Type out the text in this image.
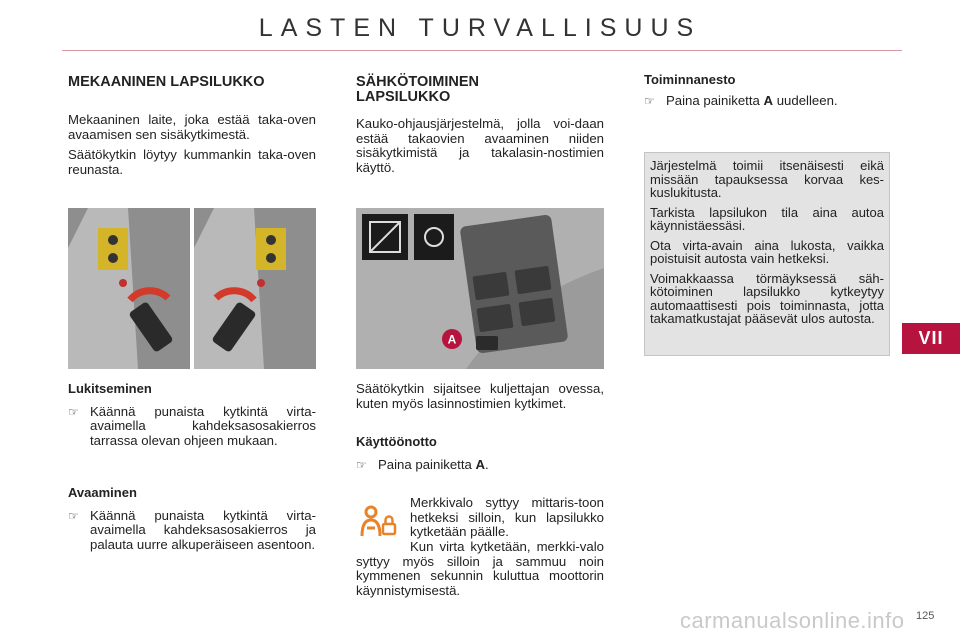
LASTEN TURVALLISUUS
MEKAANINEN LAPSILUKKO

Mekaaninen laite, joka estää taka-oven avaamisen sen sisäkytkimestä.

Säätökytkin löytyy kummankin taka-oven reunasta.

Lukitseminen
☞ Käännä punaista kytkintä virta-avaimella kahdeksasosakierros tarrassa olevan ohjeen mukaan.
Avaaminen
☞ Käännä punaista kytkintä virta-avaimella kahdeksasosakierros ja palauta uurre alkuperäiseen asentoon.
SÄHKÖTOIMINEN
LAPSILUKKO

Kauko-ohjausjärjestelmä, jolla voi-daan estää takaovien avaaminen niiden sisäkytkimistä ja takalasin-nostimien käyttö.

A

Säätökytkin sijaitsee kuljettajan ovessa, kuten myös lasinnostimien kytkimet.

Käyttöönotto
☞ Paina painiketta A.

Merkkivalo syttyy mittaris-toon hetkeksi silloin, kun lapsilukko kytketään päälle.

Kun virta kytketään, merkki-valo syttyy myös silloin ja sammuu noin kymmenen sekunnin kuluttua moottorin käynnistymisestä.

Toiminnanesto
☞ Paina painiketta A uudelleen.

Järjestelmä toimii itsenäisesti eikä missään tapauksessa korvaa kes-kuslukitusta.

Tarkista lapsilukon tila aina autoa käynnistäessäsi.

Ota virta-avain aina lukosta, vaikka poistuisit autosta vain hetkeksi.

Voimakkaassa törmäyksessä säh-kötoiminen lapsilukko kytkeytyy automaattisesti pois toiminnasta, jotta takamatkustajat pääsevät ulos autosta.

VII
carmanualsonline.info 125
